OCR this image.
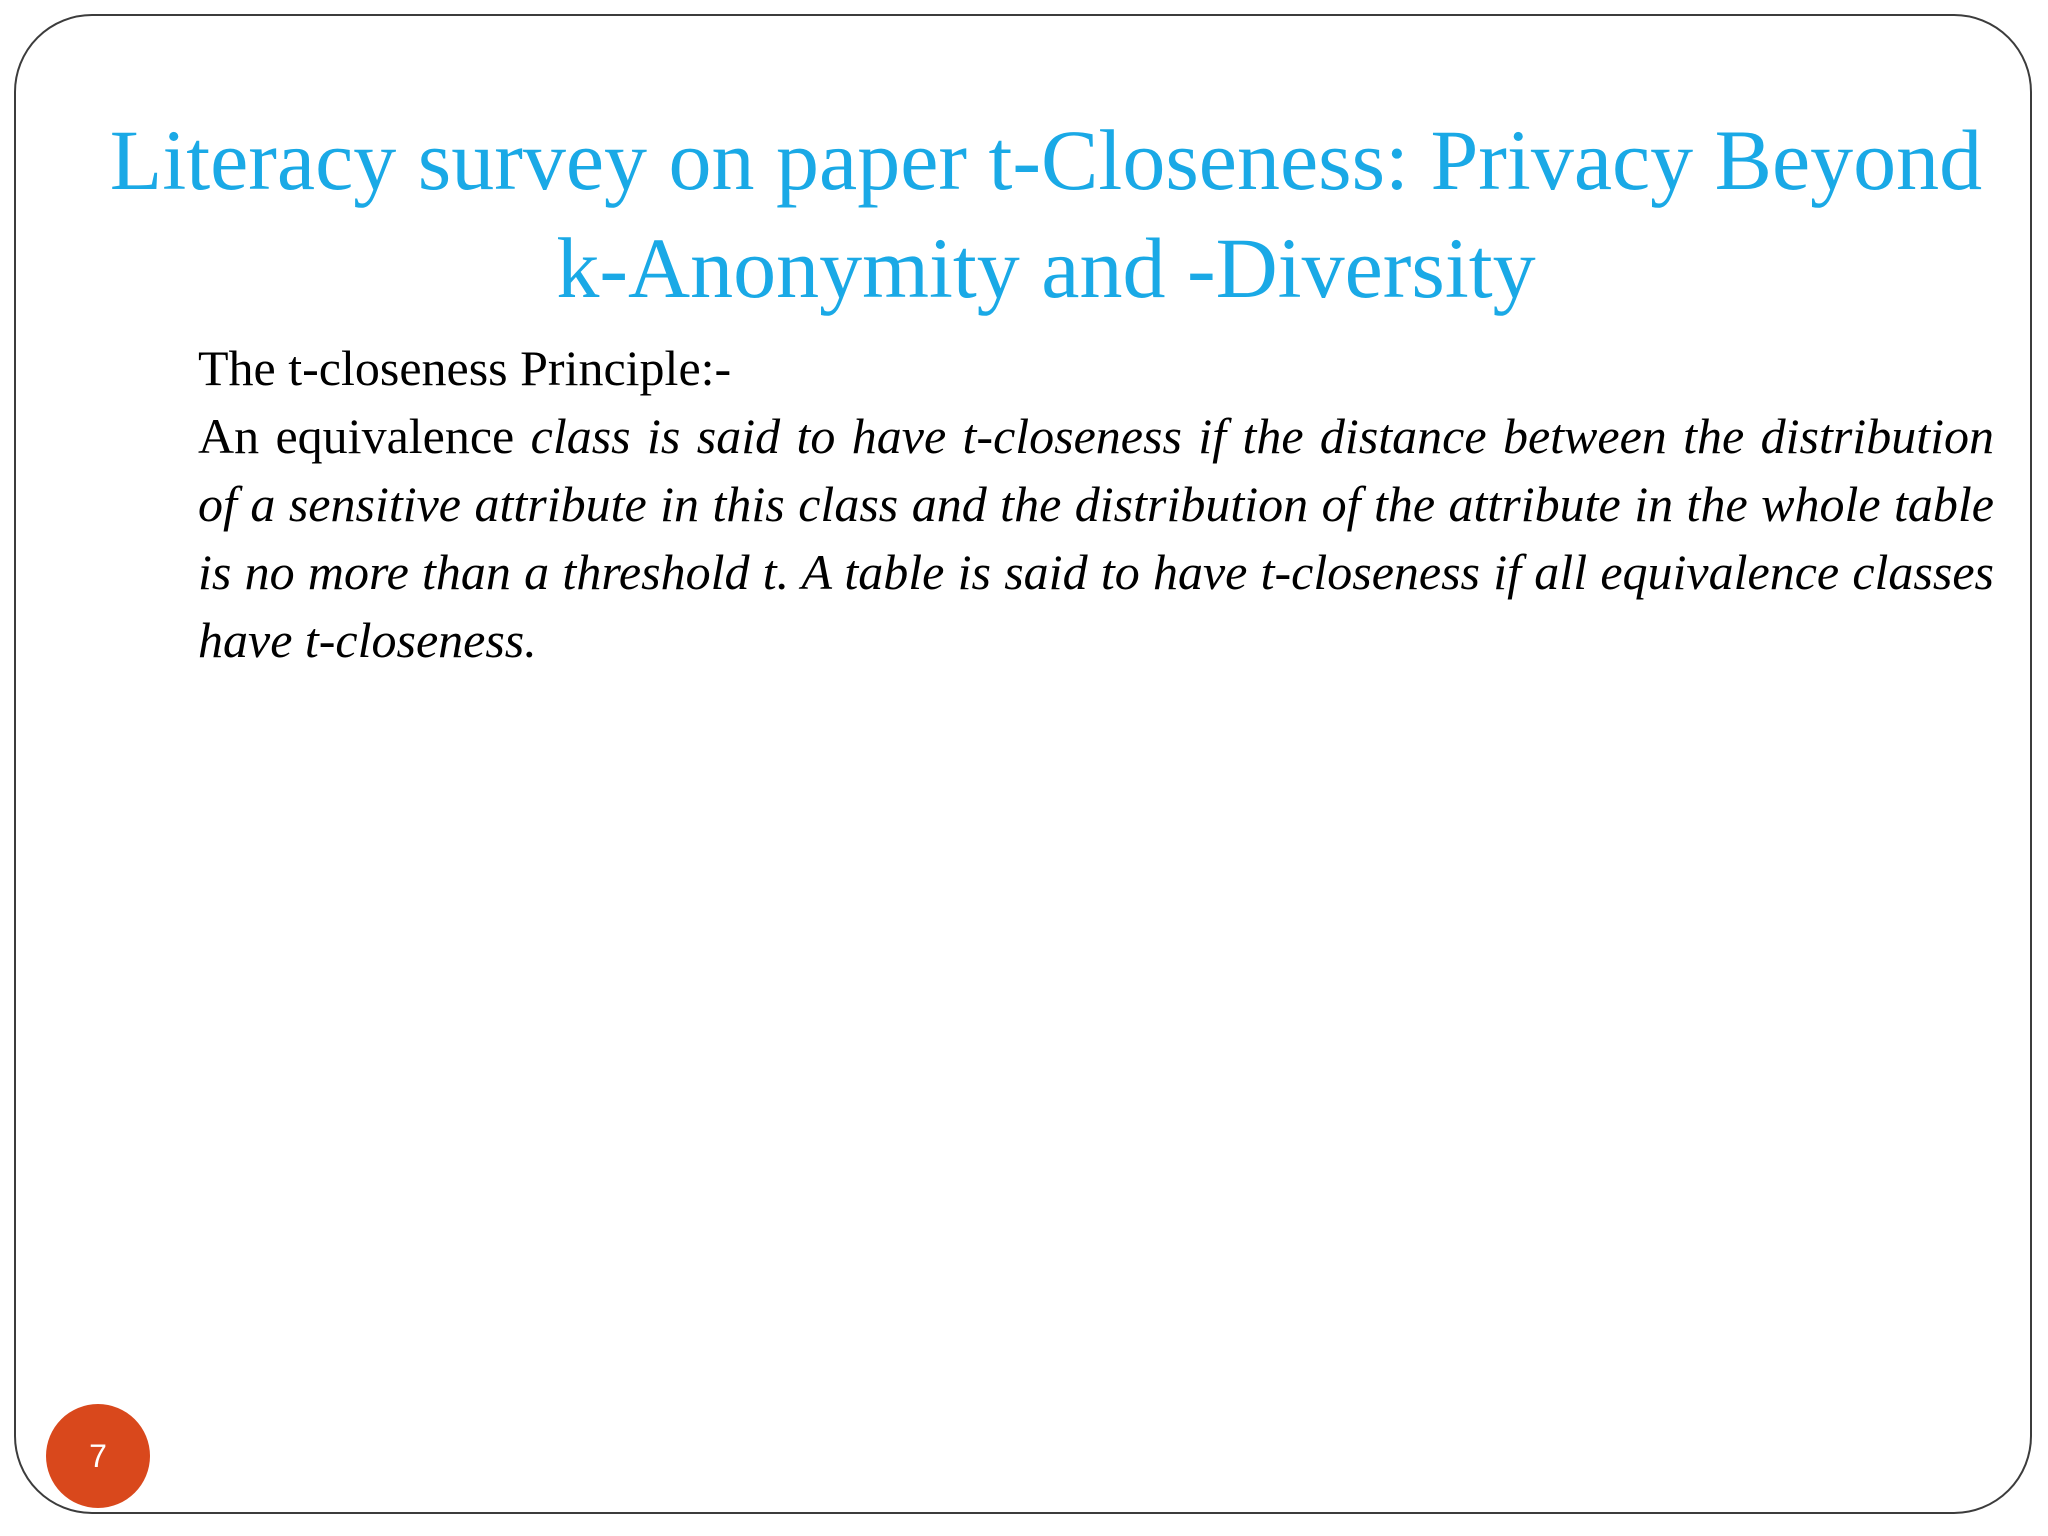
Literacy survey on paper t-Closeness: Privacy Beyond k-Anonymity and -Diversity

The t-closeness Principle:-

An equivalence class is said to have t-closeness if the distance between the distribution of a sensitive attribute in this class and the distribution of the attribute in the whole table is no more than a threshold t. A table is said to have t-closeness if all equivalence classes have t-closeness.

7
